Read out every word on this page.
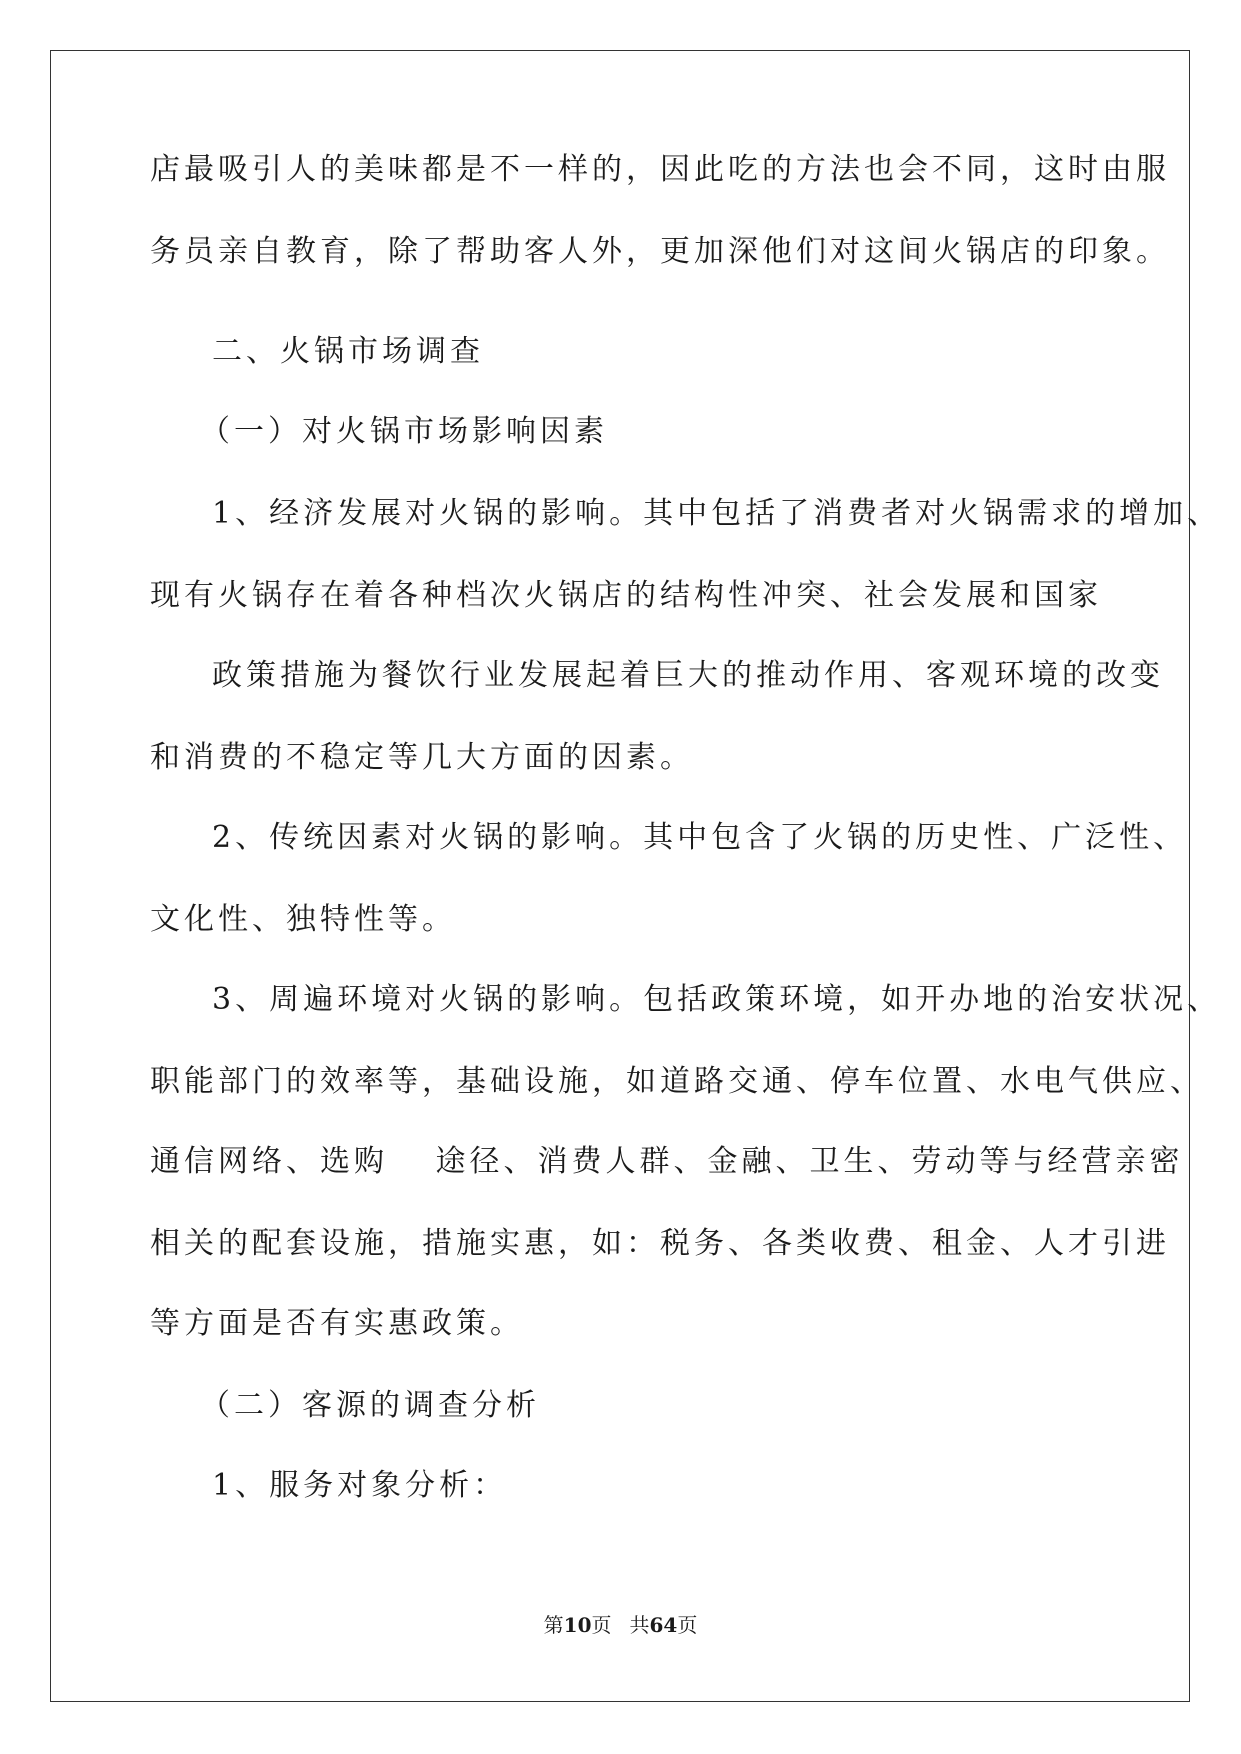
店最吸引人的美味都是不一样的，因此吃的方法也会不同，这时由服
务员亲自教育，除了帮助客人外，更加深他们对这间火锅店的印象。
二、火锅市场调查
（一）对火锅市场影响因素
1、经济发展对火锅的影响。其中包括了消费者对火锅需求的增加、
现有火锅存在着各种档次火锅店的结构性冲突、社会发展和国家
政策措施为餐饮行业发展起着巨大的推动作用、客观环境的改变
和消费的不稳定等几大方面的因素。
2、传统因素对火锅的影响。其中包含了火锅的历史性、广泛性、
文化性、独特性等。
3、周遍环境对火锅的影响。包括政策环境，如开办地的治安状况、
职能部门的效率等，基础设施，如道路交通、停车位置、水电气供应、
通信网络、选购　 途径、消费人群、金融、卫生、劳动等与经营亲密
相关的配套设施，措施实惠，如：税务、各类收费、租金、人才引进
等方面是否有实惠政策。
（二）客源的调查分析
1、服务对象分析：
第10页 共64页
